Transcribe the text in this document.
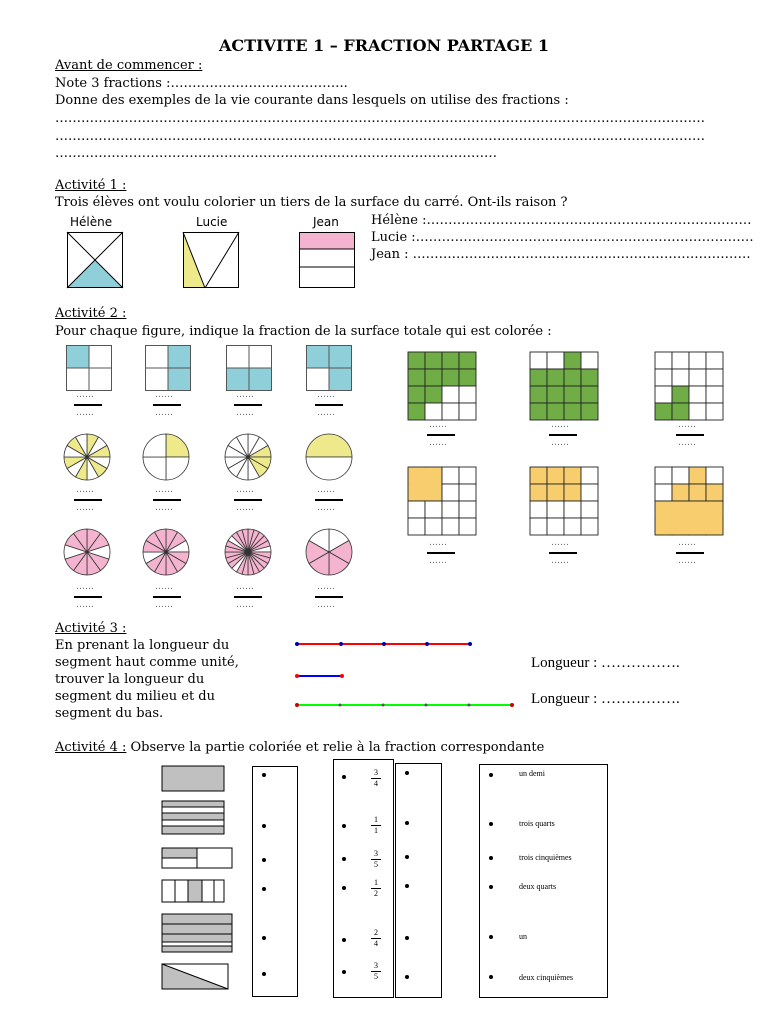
ACTIVITE 1 – FRACTION PARTAGE 1
Avant de commencer :
Note 3 fractions :…………………………………..
Donne des exemples de la vie courante dans lesquels on utilise des fractions :
……………………………………………………………………………………………………………………………………
……………………………………………………………………………………………………………………………………
…………………………………………………………………………………………
Activité 1 :
Trois élèves ont voulu colorier un tiers de la surface du carré. Ont-ils raison ?
Hélène	Lucie	Jean Hélène :…………………………………………………………………
Lucie :……………………………………………………………………
Jean : ……………………………………………………………………
Activité 2 :
Pour chaque figure, indique la fraction de la surface totale qui est colorée :
……
……
……
……
……
……
……
……
……
……
……
……
……
……
……
……
……
……
……
……
……
……
……
……
……
……
……
……
……
……
……
……
……
……
……
……
Activité 3 :
En prenant la longueur du
segment haut comme unité,
trouver la longueur du
segment du milieu et du
segment du bas.
Longueur : …………….
Longueur : …………….
Activité 4 : Observe la partie coloriée et relie à la fraction correspondante
3
4
1
1
3
5
1
2
2
4
3
5
un demi
trois quarts
trois cinquièmes
deux quarts
un
deux cinquièmes
